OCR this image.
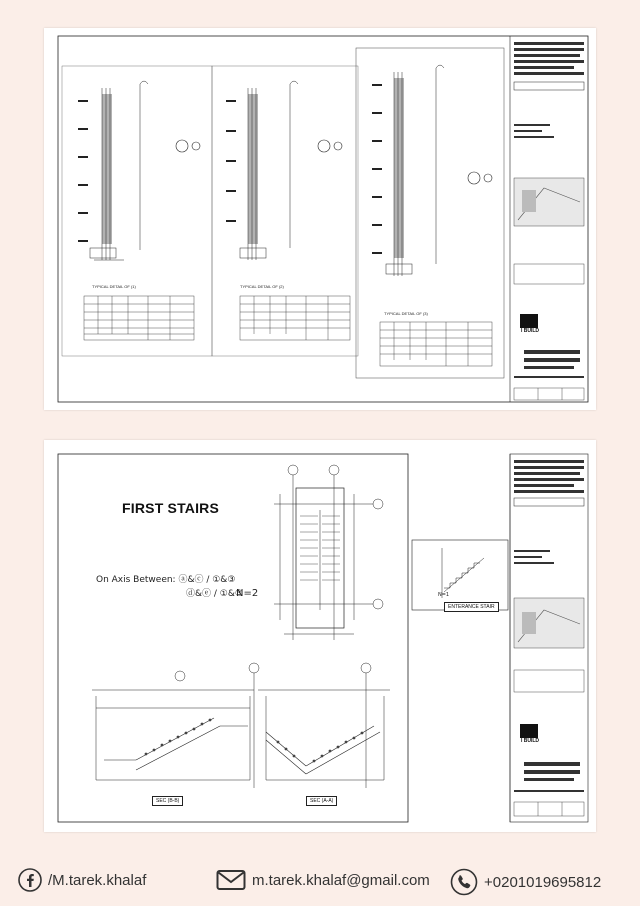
TYPICAL DETAIL OF (1)	TYPICAL DETAIL OF (2)
TYPICAL DETAIL OF (3)
I BUILD
FIRST STAIRS
On Axis Between: ⓐ&ⓒ / ①&③
ⓓ&ⓔ / ①&③
N=2	N=1
ENTERANCE STAIR
SEC (B-B)	SEC (A-A)
I BUILD
/M.tarek.khalaf	m.tarek.khalaf@gmail.com	+0201019695812
